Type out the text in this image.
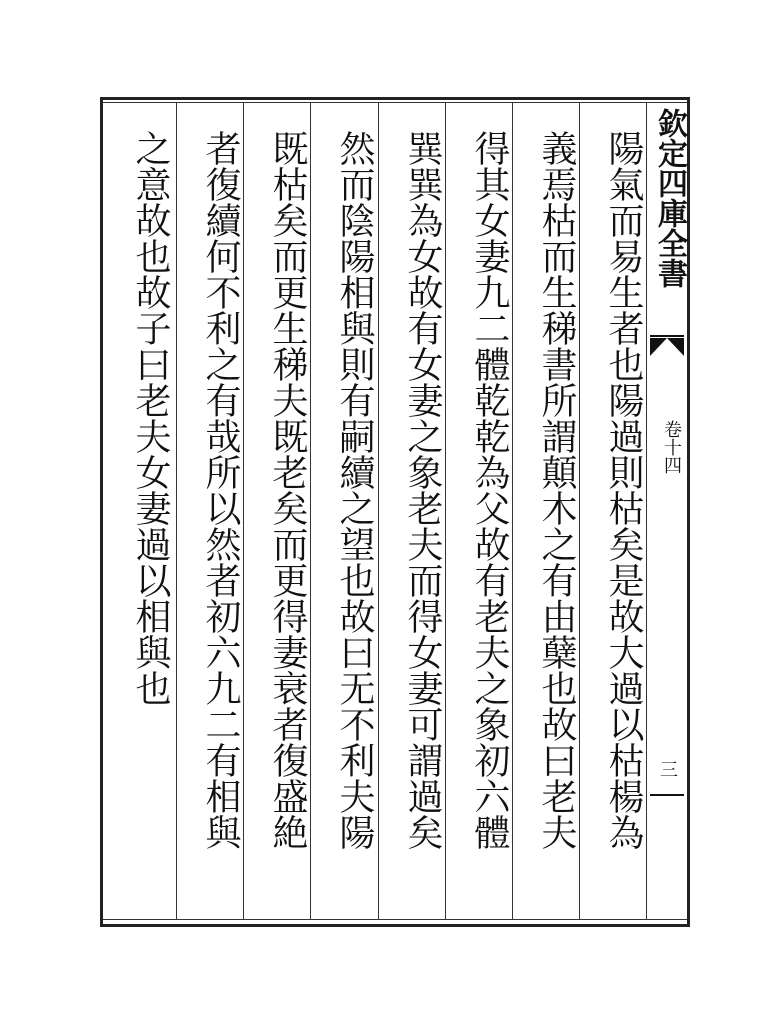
欽定四庫全書
卷十四
三
陽氣而易生者也陽過則枯矣是故大過以枯楊為
義焉枯而生稊書所謂顛木之有由蘖也故曰老夫
得其女妻九二體乾乾為父故有老夫之象初六體
巽巽為女故有女妻之象老夫而得女妻可謂過矣
然而陰陽相與則有嗣續之望也故曰无不利夫陽
既枯矣而更生稊夫既老矣而更得妻衰者復盛絶
者復續何不利之有哉所以然者初六九二有相與
之意故也故子曰老夫女妻過以相與也
